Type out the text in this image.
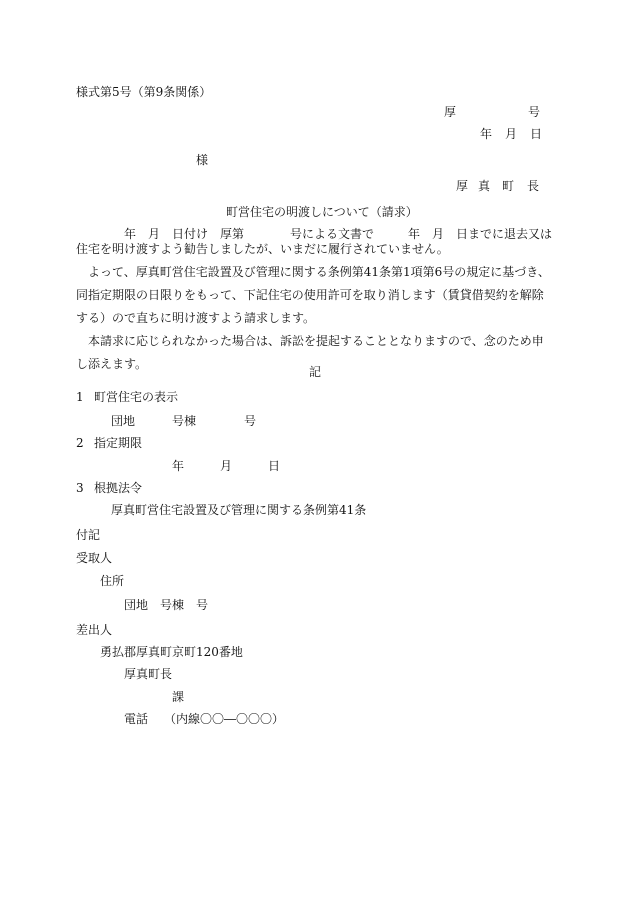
様式第5号（第9条関係）
厚	号
年 月 日
様
厚 真 町 長
町営住宅の明渡しについて（請求）
年　月　日付け　厚第	号による文書で	年　月　日までに退去又は

住宅を明け渡すよう勧告しましたが、いまだに履行されていません。

よって、厚真町営住宅設置及び管理に関する条例第41条第1項第6号の規定に基づき、同指定期限の日限りをもって、下記住宅の使用許可を取り消します（賃貸借契約を解除する）ので直ちに明け渡すよう請求します。

本請求に応じられなかった場合は、訴訟を提起することとなりますので、念のため申し添えます。

記
1 町営住宅の表示
団地	号棟	号
2 指定期限
年	月	日
3 根拠法令
厚真町営住宅設置及び管理に関する条例第41条
付記
受取人
住所
団地 号棟 号
差出人
勇払郡厚真町京町120番地
厚真町長
課
電話 （内線〇〇―〇〇〇）
